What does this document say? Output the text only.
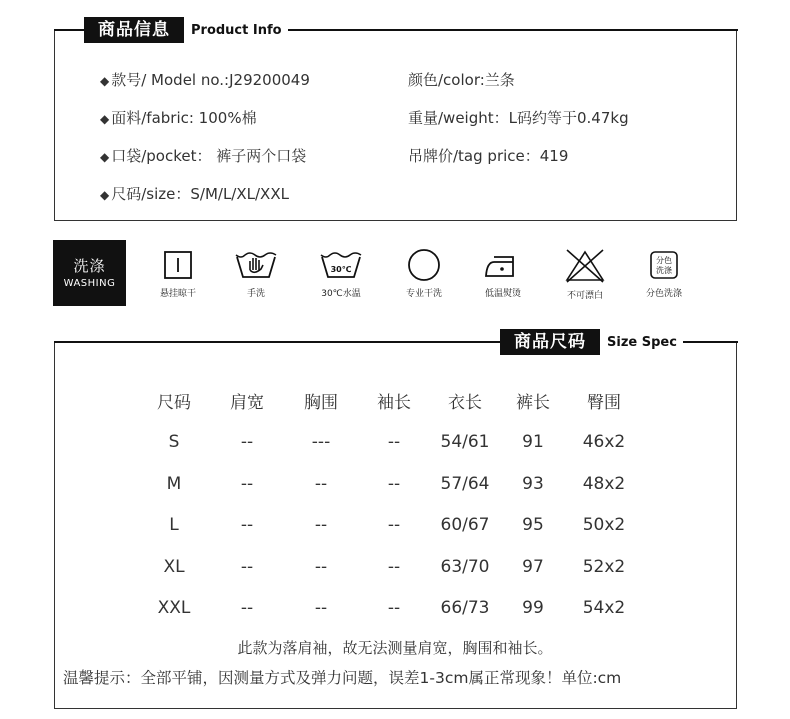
商品信息	Product Info
◆ 款号/ Model no.:J29200049	颜色/color:兰条
◆ 面料/fabric: 100%棉	重量/weight：L码约等于0.47kg
◆ 口袋/pocket： 裤子两个口袋	吊牌价/tag price：419
◆ 尺码/size：S/M/L/XL/XXL
洗涤
WASHING
悬挂晾干	手洗
30℃
30℃水温	专业干洗	低温熨烫	不可漂白
分色
洗涤
分色洗涤
商品尺码	Size Spec
尺码	肩宽	胸围	袖长	衣长	裤长	臀围
S	--	---	--	54/61	91	46x2
M	--	--	--	57/64	93	48x2
L	--	--	--	60/67	95	50x2
XL	--	--	--	63/70	97	52x2
XXL	--	--	--	66/73	99	54x2
此款为落肩袖，故无法测量肩宽，胸围和袖长。
温馨提示：全部平铺，因测量方式及弹力问题，误差1-3cm属正常现象！单位:cm
